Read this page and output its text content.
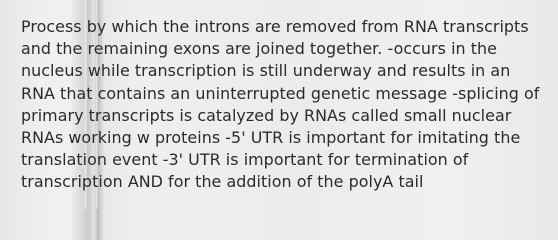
Process by which the introns are removed from RNA transcripts
and the remaining exons are joined together. -occurs in the
nucleus while transcription is still underway and results in an
RNA that contains an uninterrupted genetic message -splicing of
primary transcripts is catalyzed by RNAs called small nuclear
RNAs working w proteins -5' UTR is important for imitating the
translation event -3' UTR is important for termination of
transcription AND for the addition of the polyA tail
